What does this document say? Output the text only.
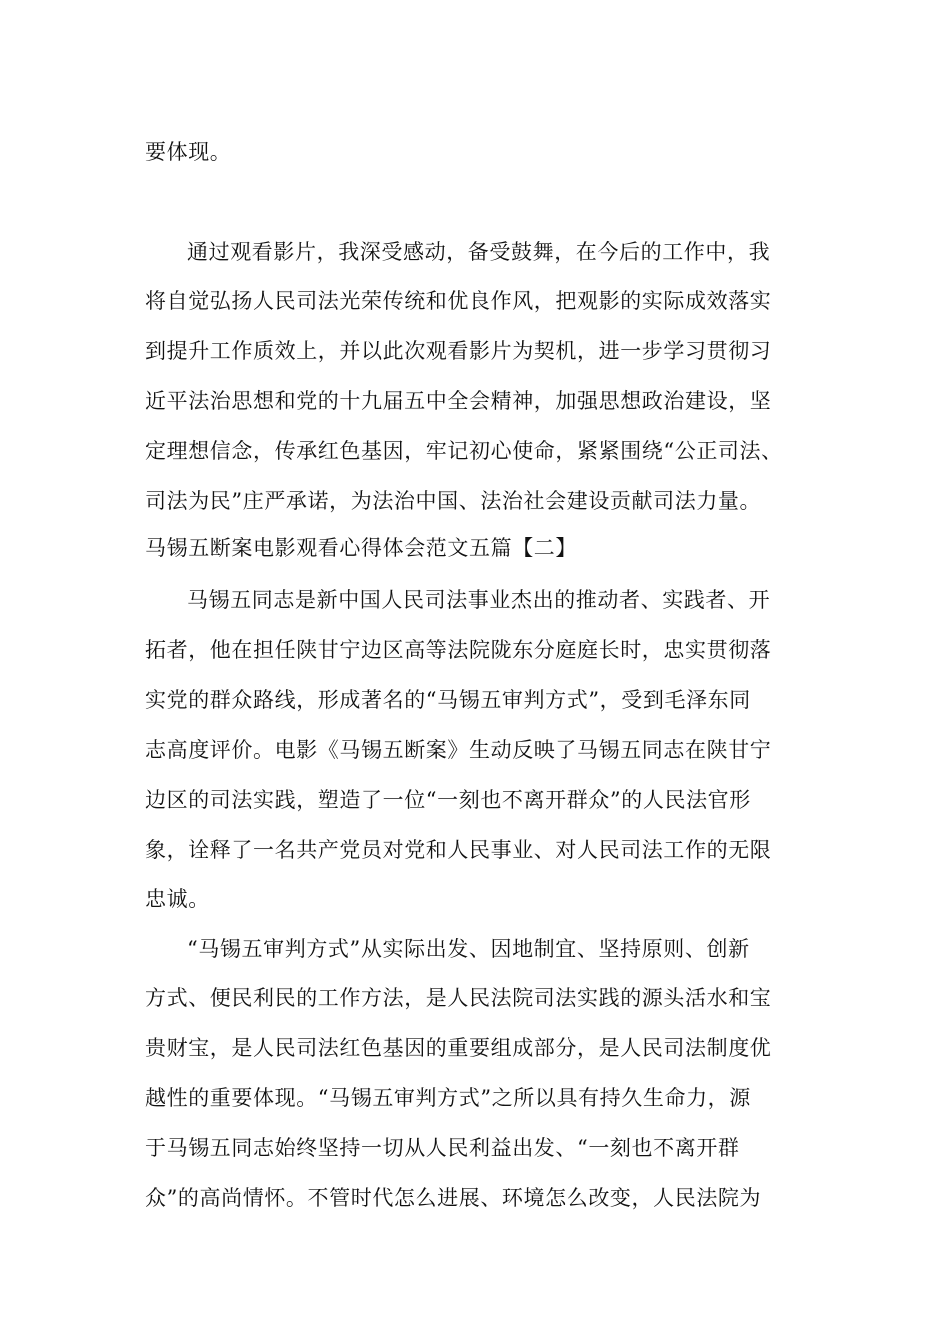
要体现。
通过观看影片，我深受感动，备受鼓舞，在今后的工作中，我
将自觉弘扬人民司法光荣传统和优良作风，把观影的实际成效落实
到提升工作质效上，并以此次观看影片为契机，进一步学习贯彻习
近平法治思想和党的十九届五中全会精神，加强思想政治建设，坚
定理想信念，传承红色基因，牢记初心使命，紧紧围绕“公正司法、
司法为民”庄严承诺，为法治中国、法治社会建设贡献司法力量。
马锡五断案电影观看心得体会范文五篇【二】
马锡五同志是新中国人民司法事业杰出的推动者、实践者、开
拓者，他在担任陕甘宁边区高等法院陇东分庭庭长时，忠实贯彻落
实党的群众路线，形成著名的“马锡五审判方式”，受到毛泽东同
志高度评价。电影《马锡五断案》生动反映了马锡五同志在陕甘宁
边区的司法实践，塑造了一位“一刻也不离开群众”的人民法官形
象，诠释了一名共产党员对党和人民事业、对人民司法工作的无限
忠诚。
“马锡五审判方式”从实际出发、因地制宜、坚持原则、创新
方式、便民利民的工作方法，是人民法院司法实践的源头活水和宝
贵财宝，是人民司法红色基因的重要组成部分，是人民司法制度优
越性的重要体现。“马锡五审判方式”之所以具有持久生命力，源
于马锡五同志始终坚持一切从人民利益出发、“一刻也不离开群
众”的高尚情怀。不管时代怎么进展、环境怎么改变，人民法院为
